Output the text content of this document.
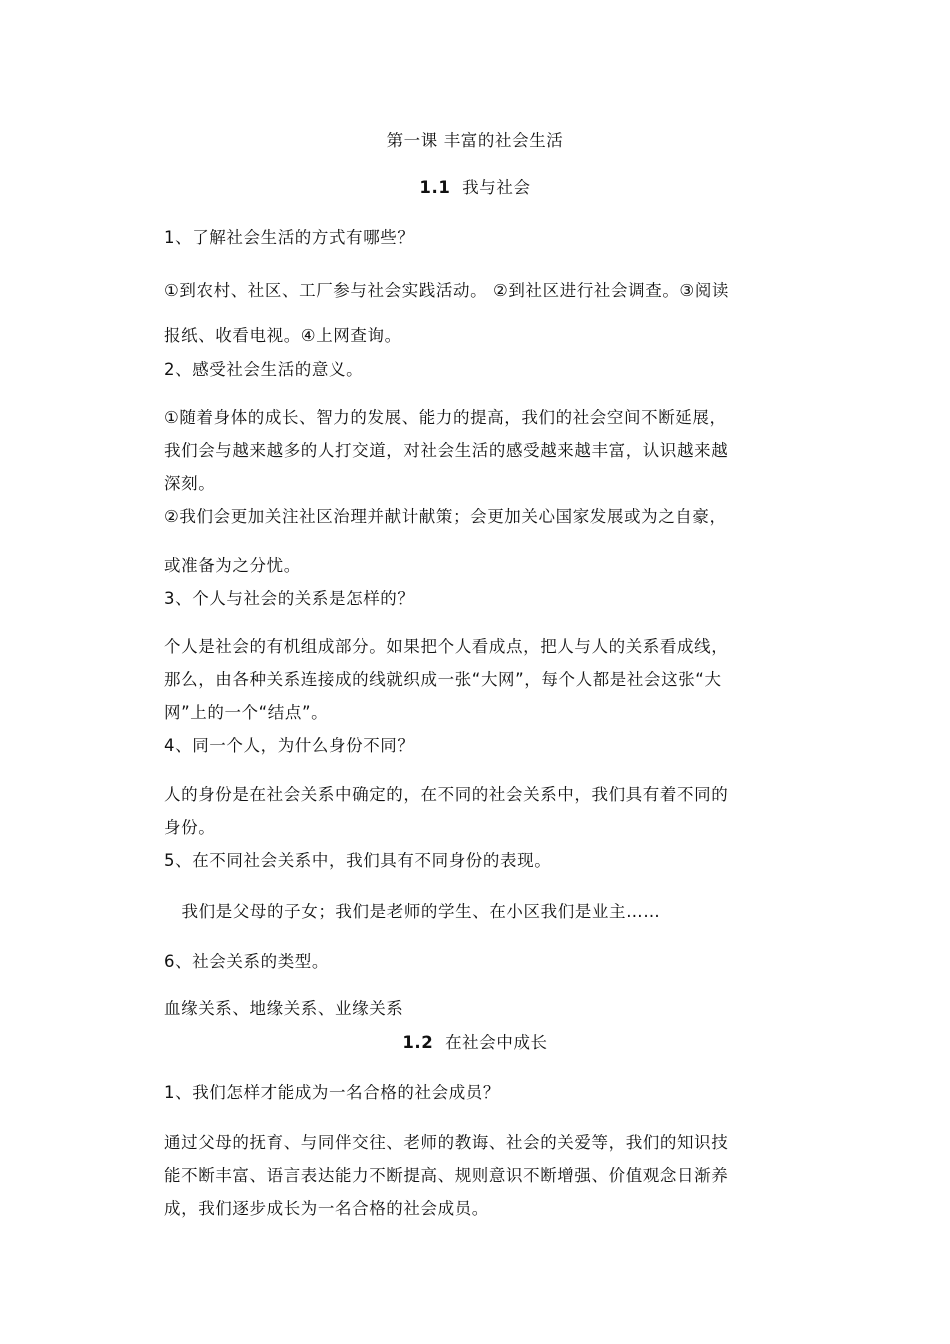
第一课 丰富的社会生活
1.1 我与社会
1、了解社会生活的方式有哪些？
①到农村、社区、工厂参与社会实践活动。 ②到社区进行社会调查。③阅读
报纸、收看电视。④上网查询。
2、感受社会生活的意义。
①随着身体的成长、智力的发展、能力的提高，我们的社会空间不断延展，
我们会与越来越多的人打交道，对社会生活的感受越来越丰富，认识越来越
深刻。
②我们会更加关注社区治理并献计献策；会更加关心国家发展或为之自豪，
或准备为之分忧。
3、个人与社会的关系是怎样的？
个人是社会的有机组成部分。如果把个人看成点，把人与人的关系看成线，
那么，由各种关系连接成的线就织成一张“大网”，每个人都是社会这张“大
网”上的一个“结点”。
4、同一个人，为什么身份不同？
人的身份是在社会关系中确定的，在不同的社会关系中，我们具有着不同的
身份。
5、在不同社会关系中，我们具有不同身份的表现。
我们是父母的子女；我们是老师的学生、在小区我们是业主……
6、社会关系的类型。
血缘关系、地缘关系、业缘关系
1.2 在社会中成长
1、我们怎样才能成为一名合格的社会成员？
通过父母的抚育、与同伴交往、老师的教诲、社会的关爱等，我们的知识技
能不断丰富、语言表达能力不断提高、规则意识不断增强、价值观念日渐养
成，我们逐步成长为一名合格的社会成员。
